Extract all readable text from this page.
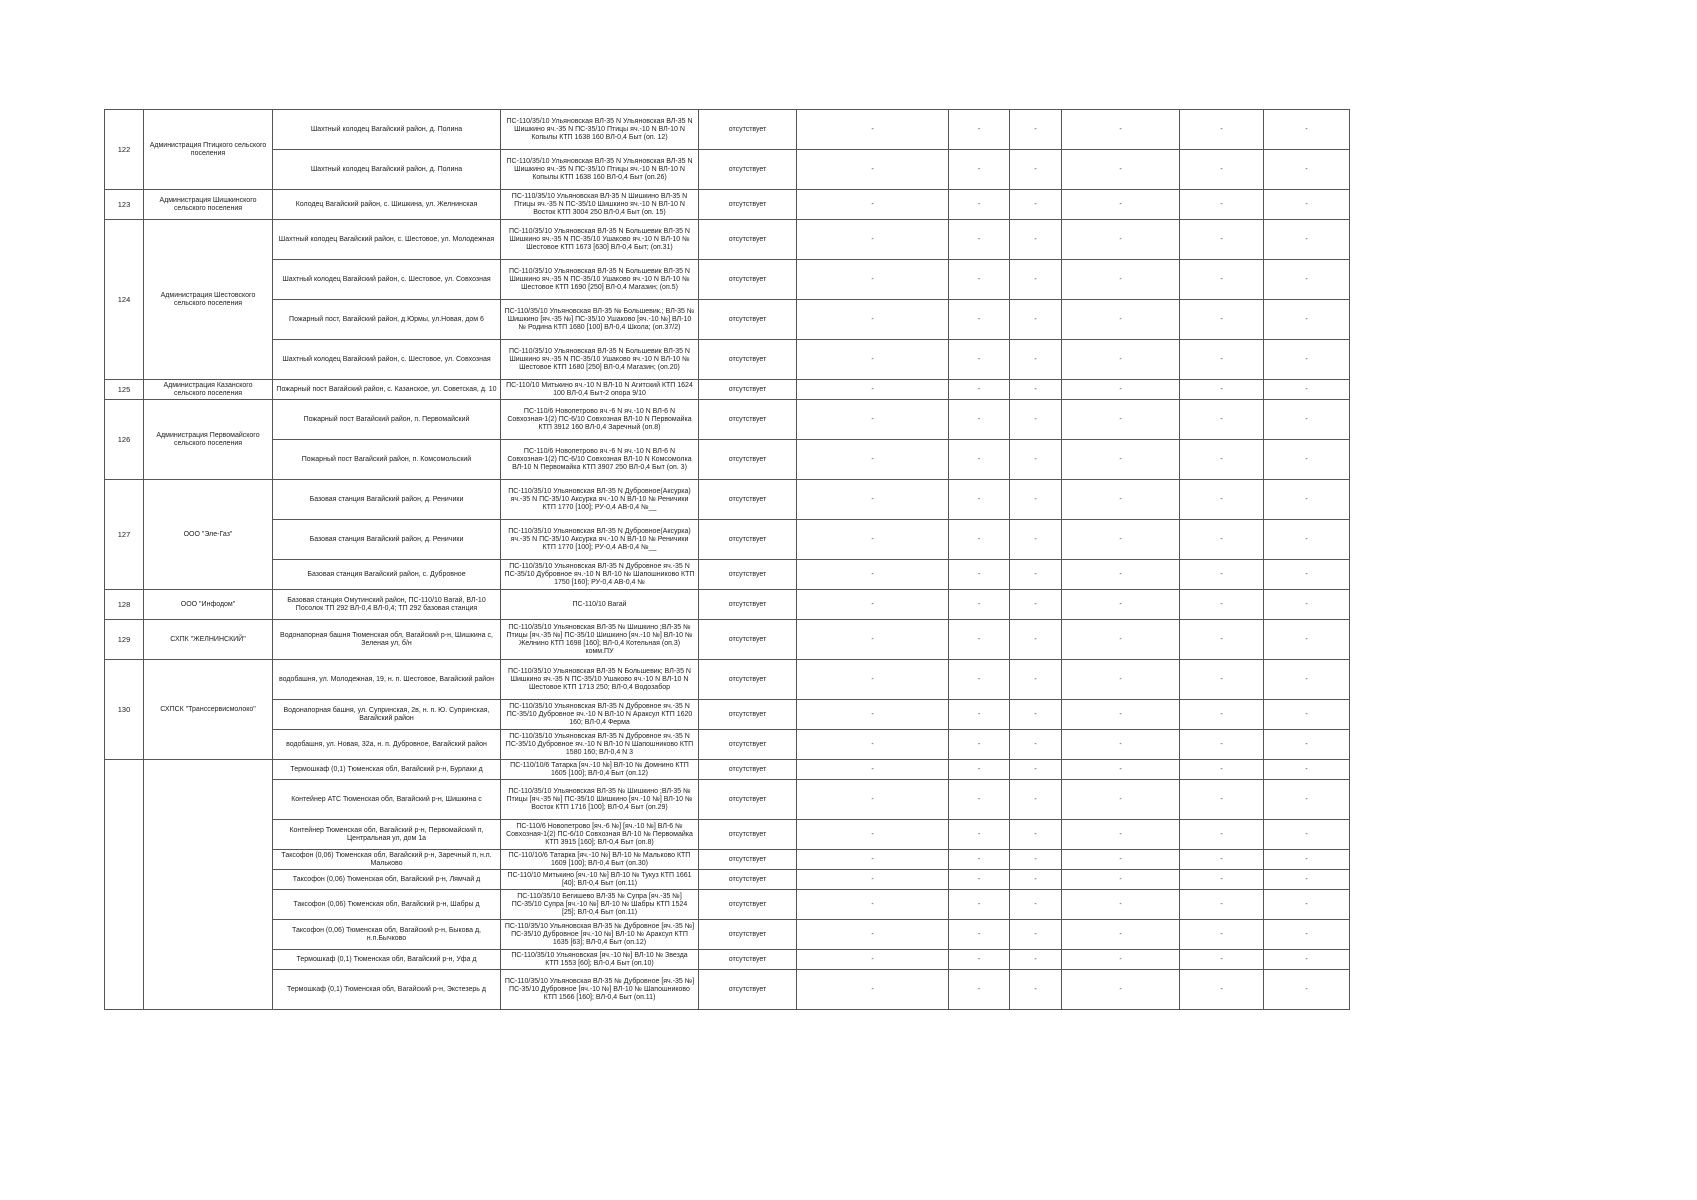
122	Администрация Птицкого сельского поселения	Шахтный колодец Вагайский район, д. Полина	ПС-110/35/10 Ульяновская ВЛ-35 N Ульяновская ВЛ-35 N Шишкино яч.-35 N ПС-35/10 Птицы яч.-10 N ВЛ-10 N Копылы КТП 1638 160 ВЛ-0,4 Быт (оп. 12)	отсутствует	-	-	-	-	-	-
		Шахтный колодец Вагайский район, д. Полина	ПС-110/35/10 Ульяновская ВЛ-35 N Ульяновская ВЛ-35 N Шишкино яч.-35 N ПС-35/10 Птицы яч.-10 N ВЛ-10 N Копылы КТП 1638 160 ВЛ-0,4 Быт (оп.26)	отсутствует	-	-	-	-	-	-
123	Администрация Шишкинского сельского поселения	Колодец Вагайский район, с. Шишкина, ул. Желнинская	ПС-110/35/10 Ульяновская ВЛ-35 N Шишкино ВЛ-35 N Птицы яч.-35 N ПС-35/10 Шишкино яч.-10 N ВЛ-10 N Восток КТП 3004 250 ВЛ-0,4 Быт (оп. 15)	отсутствует	-	-	-	-	-	-
124	Администрация Шестовского сельского поселения	Шахтный колодец Вагайский район, с. Шестовое, ул. Молодежная	ПС-110/35/10 Ульяновская ВЛ-35 N Большевик ВЛ-35 N Шишкино яч.-35 N ПС-35/10 Ушаково яч.-10 N ВЛ-10 № Шестовое КТП 1673 [630] ВЛ-0,4 Быт; (оп.31)	отсутствует	-	-	-	-	-	-
		Шахтный колодец Вагайский район, с. Шестовое, ул. Совхозная	ПС-110/35/10 Ульяновская ВЛ-35 N Большевик ВЛ-35 N Шишкино яч.-35 N ПС-35/10 Ушаково яч.-10 N ВЛ-10 № Шестовое КТП 1690 [250] ВЛ-0,4 Магазин; (оп.5)	отсутствует	-	-	-	-	-	-
		Пожарный пост, Вагайский район, д.Юрмы, ул.Новая, дом 6	ПС-110/35/10 Ульяновская ВЛ-35 № Большевик.; ВЛ-35 № Шишкино [яч.-35 №] ПС-35/10 Ушаково [яч.-10 №] ВЛ-10 № Родина КТП 1680 [100] ВЛ-0,4 Школа; (оп.37/2)	отсутствует	-	-	-	-	-	-
		Шахтный колодец Вагайский район, с. Шестовое, ул. Совхозная	ПС-110/35/10 Ульяновская ВЛ-35 N Большевик ВЛ-35 N Шишкино яч.-35 N ПС-35/10 Ушаково яч.-10 N ВЛ-10 № Шестовое КТП 1680 [250] ВЛ-0,4 Магазин; (оп.20)	отсутствует	-	-	-	-	-	-
125	Администрация Казанского сельского поселения	Пожарный пост Вагайский район, с. Казанское, ул. Советская, д. 10	ПС-110/10 Митькино яч.-10 N ВЛ-10 N Агитский КТП 1624 100 ВЛ-0,4 Быт-2 опора 9/10	отсутствует	-	-	-	-	-	-
126	Администрация Первомайского сельского поселения	Пожарный пост Вагайский район, п. Первомайский	ПС-110/6 Новопетрово яч.-6 N яч.-10 N ВЛ-6 N Совхозная-1(2) ПС-6/10 Совхозная ВЛ-10 N Первомайка КТП 3912 160 ВЛ-0,4 Заречный (оп.8)	отсутствует	-	-	-	-	-	-
		Пожарный пост Вагайский район, п. Комсомольский	ПС-110/6 Новопетрово яч.-6 N яч.-10 N ВЛ-6 N Совхозная-1(2) ПС-6/10 Совхозная ВЛ-10 N Комсомолка ВЛ-10 N Первомайка КТП 3907 250 ВЛ-0,4 Быт (оп. 3)	отсутствует	-	-	-	-	-	-
127	ООО "Эле-Газ"	Базовая станция Вагайский район, д. Реничики	ПС-110/35/10 Ульяновская ВЛ-35 N Дубровное(Аксурка) яч.-35 N ПС-35/10 Аксурка яч.-10 N ВЛ-10 № Реничики КТП 1770 [100]; РУ-0,4 АВ-0,4 №__	отсутствует	-	-	-	-	-	-
		Базовая станция Вагайский район, д. Реничики	ПС-110/35/10 Ульяновская ВЛ-35 N Дубровное(Аксурка) яч.-35 N ПС-35/10 Аксурка яч.-10 N ВЛ-10 № Реничики КТП 1770 [100]; РУ-0,4 АВ-0,4 №__	отсутствует	-	-	-	-	-	-
		Базовая станция Вагайский район, с. Дубровное	ПС-110/35/10 Ульяновская ВЛ-35 N Дубровное яч.-35 N ПС-35/10 Дубровное яч.-10 N ВЛ-10 № Шапошниково КТП 1750 [160]; РУ-0,4 АВ-0,4 №	отсутствует	-	-	-	-	-	-
128	ООО "Инфодом"	Базовая станция Омутинский район, ПС-110/10 Вагай, ВЛ-10 Посолок ТП 292 ВЛ-0,4 ВЛ-0,4; ТП 292 базовая станция	ПС-110/10 Вагай	отсутствует	-	-	-	-	-	-
129	СХПК "ЖЕЛНИНСКИЙ"	Водонапорная башня Тюменская обл, Вагайский р-н, Шишкина с, Зеленая ул, б/н	ПС-110/35/10 Ульяновская ВЛ-35 № Шишкино ;ВЛ-35 № Птицы [яч.-35 №] ПС-35/10 Шишкино [яч.-10 №] ВЛ-10 № Желнино КТП 1698 [160]; ВЛ-0,4 Котельная (оп.3) комм.ПУ	отсутствует	-	-	-	-	-	-
130	СХПСК "Транссервисмолоко"	водобашня, ул. Молодежная, 19, н. п. Шестовое, Вагайский район	ПС-110/35/10 Ульяновская ВЛ-35 N Большевик; ВЛ-35 N Шишкино яч.-35 N ПС-35/10 Ушаково яч.-10 N ВЛ-10 N Шестовое КТП 1713 250; ВЛ-0,4 Водозабор	отсутствует	-	-	-	-	-	-
		Водонапорная башня, ул. Супринская, 2в, н. п. Ю. Супринская, Вагайский район	ПС-110/35/10 Ульяновская ВЛ-35 N Дубровное яч.-35 N ПС-35/10 Дубровное яч.-10 N ВЛ-10 N Араксул КТП 1620 160; ВЛ-0,4 Ферма	отсутствует	-	-	-	-	-	-
		водобашня, ул. Новая, 32а, н. п. Дубровное, Вагайский район	ПС-110/35/10 Ульяновская ВЛ-35 N Дубровное яч.-35 N ПС-35/10 Дубровное яч.-10 N ВЛ-10 N Шапошниково КТП 1580 160; ВЛ-0,4 N 3	отсутствует	-	-	-	-	-	-
		Термошкаф (0,1) Тюменская обл, Вагайский р-н, Бурлаки д	ПС-110/10/6 Татарка [яч.-10 №] ВЛ-10 № Домнино КТП 1605 [100]; ВЛ-0,4 Быт (оп.12)	отсутствует	-	-	-	-	-	-
		Контейнер АТС Тюменская обл, Вагайский р-н, Шишкина с	ПС-110/35/10 Ульяновская ВЛ-35 № Шишкино ;ВЛ-35 № Птицы [яч.-35 №] ПС-35/10 Шишкино [яч.-10 №] ВЛ-10 № Восток КТП 1716 [100]; ВЛ-0,4 Быт (оп.29)	отсутствует	-	-	-	-	-	-
		Контейнер Тюменская обл, Вагайский р-н, Первомайский п, Центральная ул, дом 1а	ПС-110/6 Новопетрово [яч.-6 №] [яч.-10 №] ВЛ-6 № Совхозная-1(2) ПС-6/10 Совхозная ВЛ-10 № Первомайка КТП 3915 [160]; ВЛ-0,4 Быт (оп.8)	отсутствует	-	-	-	-	-	-
		Таксофон (0,06) Тюменская обл, Вагайский р-н, Заречный п, н.п. Мальково	ПС-110/10/6 Татарка [яч.-10 №] ВЛ-10 № Мальково КТП 1609 [100]; ВЛ-0,4 Быт (оп.30)	отсутствует	-	-	-	-	-	-
		Таксофон (0,06) Тюменская обл, Вагайский р-н, Лямчай д	ПС-110/10 Митькино [яч.-10 №] ВЛ-10 № Тукуз КТП 1661 [40]; ВЛ-0,4 Быт (оп.11)	отсутствует	-	-	-	-	-	-
		Таксофон (0,06) Тюменская обл, Вагайский р-н, Шабры д	ПС-110/35/10 Бегишево ВЛ-35 № Супра [яч.-35 №] ПС-35/10 Супра [яч.-10 №] ВЛ-10 № Шабры КТП 1524 [25]; ВЛ-0,4 Быт (оп.11)	отсутствует	-	-	-	-	-	-
		Таксофон (0,06) Тюменская обл, Вагайский р-н, Быкова д, н.п.Бычково	ПС-110/35/10 Ульяновская ВЛ-35 № Дубровное [яч.-35 №] ПС-35/10 Дубровное [яч.-10 №] ВЛ-10 № Араксул КТП 1635 [63]; ВЛ-0,4 Быт (оп.12)	отсутствует	-	-	-	-	-	-
		Термошкаф (0,1) Тюменская обл, Вагайский р-н, Уфа д	ПС-110/35/10 Ульяновская [яч.-10 №] ВЛ-10 № Звезда КТП 1553 [60]; ВЛ-0,4 Быт (оп.10)	отсутствует	-	-	-	-	-	-
		Термошкаф (0,1) Тюменская обл, Вагайский р-н, Экстезерь д	ПС-110/35/10 Ульяновская ВЛ-35 № Дубровное [яч.-35 №] ПС-35/10 Дубровное [яч.-10 №] ВЛ-10 № Шапошниково КТП 1566 [160]; ВЛ-0,4 Быт (оп.11)	отсутствует	-	-	-	-	-	-
